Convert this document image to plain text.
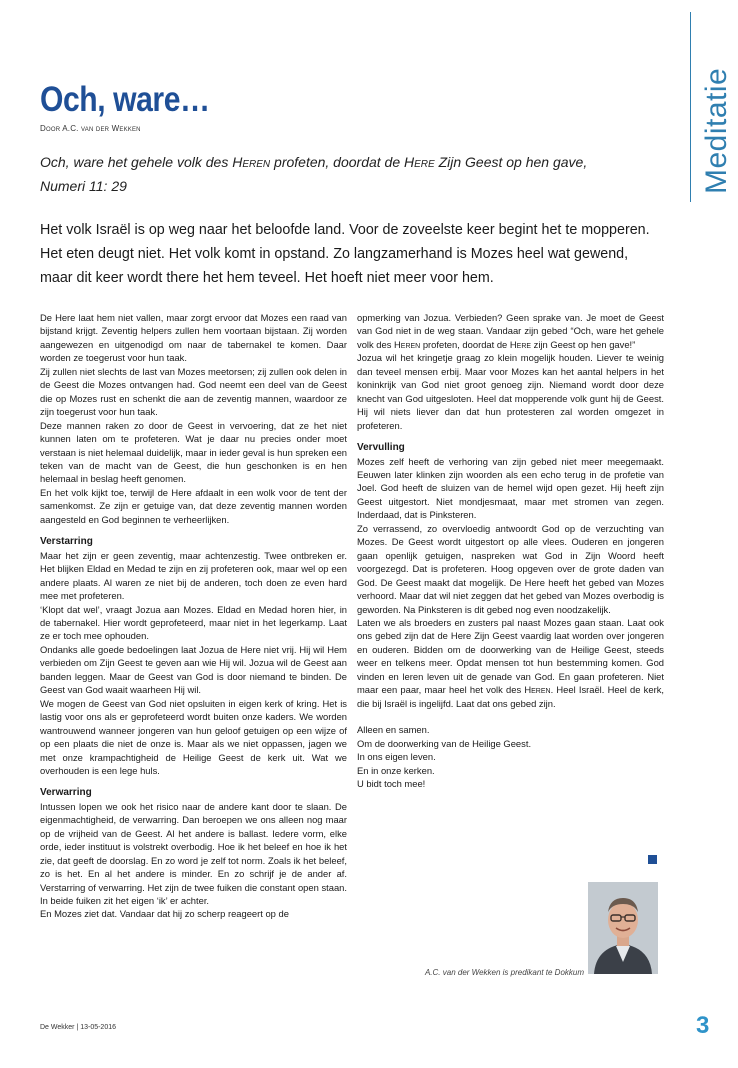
Meditatie
Och, ware…
Door A.C. van der Wekken
Och, ware het gehele volk des Heren profeten, doordat de Here Zijn Geest op hen gave,
Numeri 11: 29
Het volk Israël is op weg naar het beloofde land. Voor de zoveelste keer begint het te mopperen. Het eten deugt niet. Het volk komt in opstand. Zo langzamerhand is Mozes heel wat gewend, maar dit keer wordt there het hem teveel. Het hoeft niet meer voor hem.

De Here laat hem niet vallen, maar zorgt ervoor dat Mozes een raad van bijstand krijgt. Zeventig helpers zullen hem voortaan bijstaan. Zij worden aangewezen en uitgenodigd om naar de tabernakel te komen. Daar worden ze toegerust voor hun taak.

Zij zullen niet slechts de last van Mozes meetorsen; zij zullen ook delen in de Geest die Mozes ontvangen had. God neemt een deel van de Geest die op Mozes rust en schenkt die aan de zeventig mannen, waardoor ze zijn toegerust voor hun taak.

Deze mannen raken zo door de Geest in vervoering, dat ze het niet kunnen laten om te profeteren. Wat je daar nu precies onder moet verstaan is niet helemaal duidelijk, maar in ieder geval is hun spreken een teken van de macht van de Geest, die hun geschonken is en hen helemaal in beslag heeft genomen.

En het volk kijkt toe, terwijl de Here afdaalt in een wolk voor de tent der samenkomst. Ze zijn er getuige van, dat deze zeventig mannen worden aangesteld en God beginnen te verheerlijken.

Verstarring

Maar het zijn er geen zeventig, maar achtenzestig. Twee ontbreken er. Het blijken Eldad en Medad te zijn en zij profeteren ook, maar wel op een andere plaats. Al waren ze niet bij de anderen, toch doen ze even hard mee met profeteren.

‘Klopt dat wel’, vraagt Jozua aan Mozes. Eldad en Medad horen hier, in de tabernakel. Hier wordt geprofeteerd, maar niet in het legerkamp. Laat ze er toch mee ophouden.

Ondanks alle goede bedoelingen laat Jozua de Here niet vrij. Hij wil Hem verbieden om Zijn Geest te geven aan wie Hij wil. Jozua wil de Geest aan banden leggen. Maar de Geest van God is door niemand te binden. De Geest van God waait waarheen Hij wil.

We mogen de Geest van God niet opsluiten in eigen kerk of kring. Het is lastig voor ons als er geprofeteerd wordt buiten onze kaders. We worden wantrouwend wanneer jongeren van hun geloof getuigen op een wijze of op een plaats die niet de onze is. Maar als we niet oppassen, jagen we met onze krampachtigheid de Heilige Geest de kerk uit. Wat we overhouden is een lege huls.

Verwarring

Intussen lopen we ook het risico naar de andere kant door te slaan. De eigenmachtigheid, de verwarring. Dan beroepen we ons alleen nog maar op de vrijheid van de Geest. Al het andere is ballast. Iedere vorm, elke orde, ieder instituut is volstrekt overbodig. Hoe ik het beleef en hoe ik het zie, dat geeft de doorslag. En zo word je zelf tot norm. Zoals ik het beleef, zo is het. En al het andere is minder. En zo schrijf je de ander af. Verstarring of verwarring. Het zijn de twee fuiken die constant open staan. In beide fuiken zit het eigen ‘ik’ er achter.

En Mozes ziet dat. Vandaar dat hij zo scherp reageert op de

opmerking van Jozua. Verbieden? Geen sprake van. Je moet de Geest van God niet in de weg staan. Vandaar zijn gebed “Och, ware het gehele volk des Heren profeten, doordat de Here zijn Geest op hen gave!”

Jozua wil het kringetje graag zo klein mogelijk houden. Liever te weinig dan teveel mensen erbij. Maar voor Mozes kan het aantal helpers in het koninkrijk van God niet groot genoeg zijn. Niemand wordt door deze knecht van God uitgesloten. Heel dat mopperende volk gunt hij de Geest. Hij wil niets liever dan dat hun protesteren zal worden omgezet in profeteren.

Vervulling

Mozes zelf heeft de verhoring van zijn gebed niet meer meegemaakt. Eeuwen later klinken zijn woorden als een echo terug in de profetie van Joel. God heeft de sluizen van de hemel wijd open gezet. Hij heeft zijn Geest uitgestort. Niet mondjesmaat, maar met stromen van zegen. Inderdaad, dat is Pinksteren.

Zo verrassend, zo overvloedig antwoordt God op de verzuchting van Mozes. De Geest wordt uitgestort op alle vlees. Ouderen en jongeren gaan openlijk getuigen, naspreken wat God in Zijn Woord heeft voorgezegd. Dat is profeteren. Hoog opgeven over de grote daden van God. De Geest maakt dat mogelijk. De Here heeft het gebed van Mozes verhoord. Maar dat wil niet zeggen dat het gebed van Mozes overbodig is geworden. Na Pinksteren is dit gebed nog even noodzakelijk.

Laten we als broeders en zusters pal naast Mozes gaan staan. Laat ook ons gebed zijn dat de Here Zijn Geest vaardig laat worden over jongeren en ouderen. Bidden om de doorwerking van de Heilige Geest, steeds weer en telkens meer. Opdat mensen tot hun bestemming komen. God vinden en leren leven uit de genade van God. En gaan profeteren. Niet maar een paar, maar heel het volk des Heren. Heel Israël. Heel de kerk, die bij Israël is ingelijfd. Laat dat ons gebed zijn.

Alleen en samen.
Om de doorwerking van de Heilige Geest.
In ons eigen leven.
En in onze kerken.
U bidt toch mee!

A.C. van der Wekken is predikant te Dokkum
De Wekker | 13-05-2016	3
